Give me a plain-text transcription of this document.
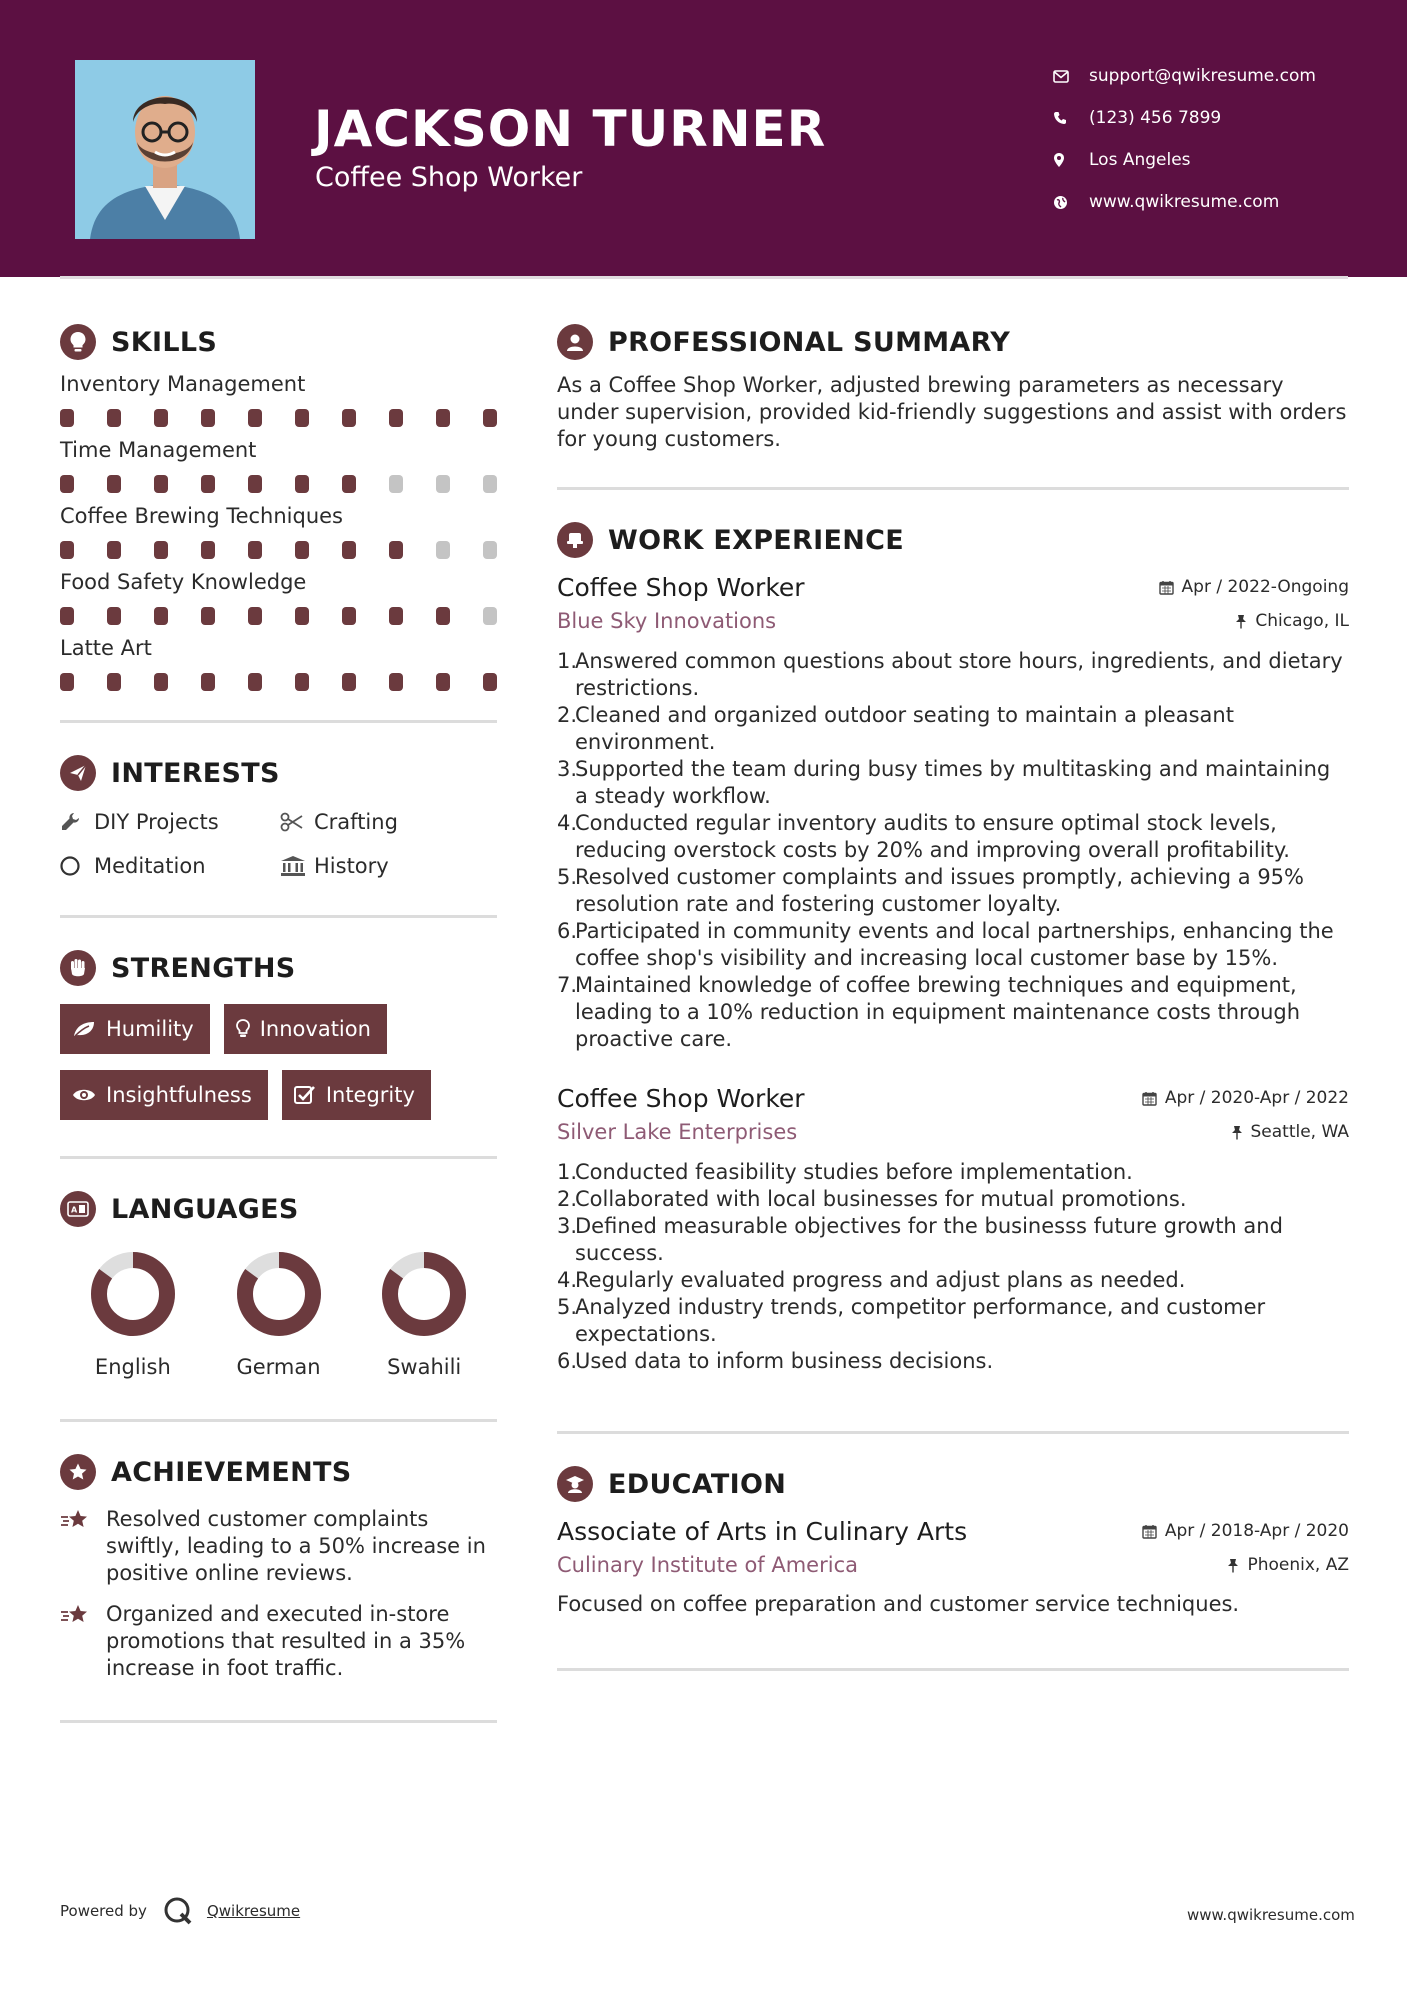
JACKSON TURNER
Coffee Shop Worker
support@qwikresume.com
(123) 456 7899
Los Angeles
www.qwikresume.com
SKILLS
Inventory Management
Time Management
Coffee Brewing Techniques
Food Safety Knowledge
Latte Art
INTERESTS
DIY Projects	Crafting
Meditation	History
STRENGTHS
Humility	Innovation
Insightfulness	Integrity
A LANGUAGES
English	German	Swahili
ACHIEVEMENTS
Resolved customer complaints swiftly, leading to a 50% increase in positive online reviews.
Organized and executed in-store promotions that resulted in a 35% increase in foot traffic.
PROFESSIONAL SUMMARY
As a Coffee Shop Worker, adjusted brewing parameters as necessary under supervision, provided kid-friendly suggestions and assist with orders for young customers.
WORK EXPERIENCE
Coffee Shop Worker	Apr / 2022-Ongoing
Blue Sky Innovations	Chicago, IL
1.
Answered common questions about store hours, ingredients, and dietary restrictions.
2.
Cleaned and organized outdoor seating to maintain a pleasant environment.
3.
Supported the team during busy times by multitasking and maintaining a steady workflow.
4.
Conducted regular inventory audits to ensure optimal stock levels, reducing overstock costs by 20% and improving overall profitability.
5.
Resolved customer complaints and issues promptly, achieving a 95% resolution rate and fostering customer loyalty.
6.
Participated in community events and local partnerships, enhancing the coffee shop's visibility and increasing local customer base by 15%.
7.
Maintained knowledge of coffee brewing techniques and equipment, leading to a 10% reduction in equipment maintenance costs through proactive care.
Coffee Shop Worker	Apr / 2020-Apr / 2022
Silver Lake Enterprises	Seattle, WA
1.
Conducted feasibility studies before implementation.
2.
Collaborated with local businesses for mutual promotions.
3.
Defined measurable objectives for the businesss future growth and success.
4.
Regularly evaluated progress and adjust plans as needed.
5.
Analyzed industry trends, competitor performance, and customer expectations.
6.
Used data to inform business decisions.
EDUCATION
Associate of Arts in Culinary Arts	Apr / 2018-Apr / 2020
Culinary Institute of America	Phoenix, AZ
Focused on coffee preparation and customer service techniques.
Powered by	Qwikresume	www.qwikresume.com
